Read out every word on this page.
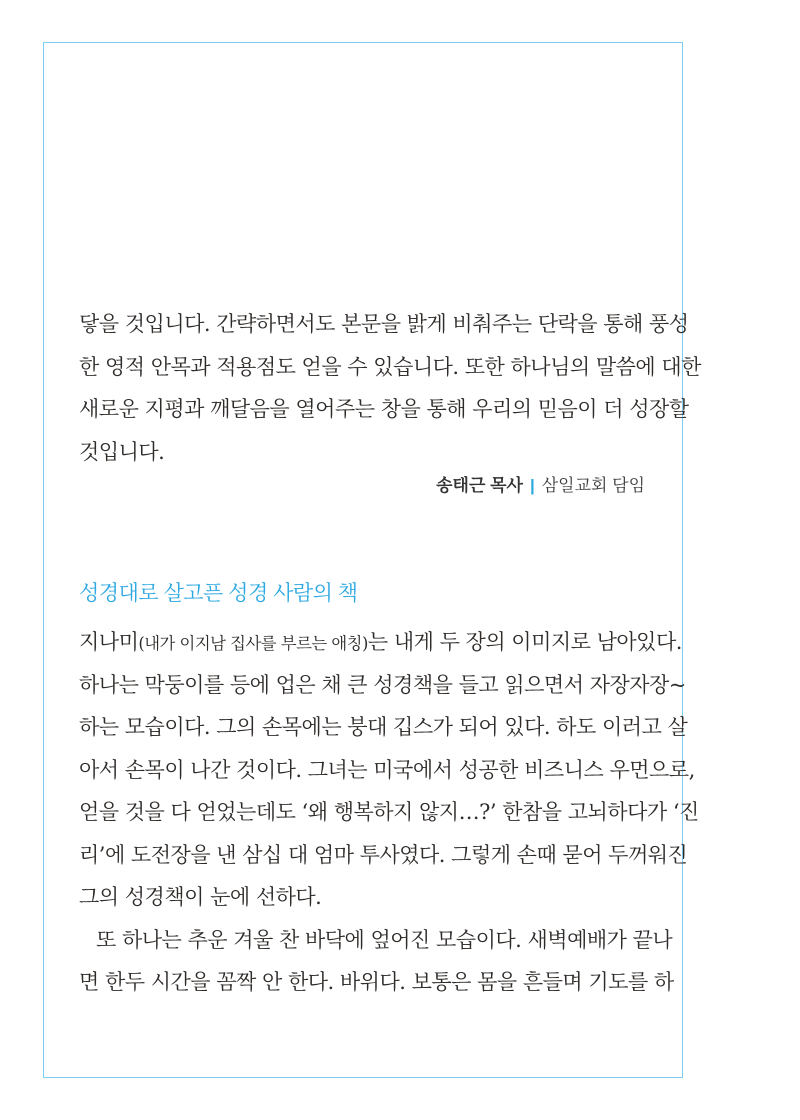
닿을 것입니다. 간략하면서도 본문을 밝게 비춰주는 단락을 통해 풍성
한 영적 안목과 적용점도 얻을 수 있습니다. 또한 하나님의 말씀에 대한
새로운 지평과 깨달음을 열어주는 창을 통해 우리의 믿음이 더 성장할
것입니다.
송태근 목사 | 삼일교회 담임
성경대로 살고픈 성경 사람의 책
지나미(내가 이지남 집사를 부르는 애칭)는 내게 두 장의 이미지로 남아있다.
하나는 막둥이를 등에 업은 채 큰 성경책을 들고 읽으면서 자장자장~
하는 모습이다. 그의 손목에는 붕대 깁스가 되어 있다. 하도 이러고 살
아서 손목이 나간 것이다. 그녀는 미국에서 성공한 비즈니스 우먼으로,
얻을 것을 다 얻었는데도 ‘왜 행복하지 않지…?’ 한참을 고뇌하다가 ‘진
리’에 도전장을 낸 삼십 대 엄마 투사였다. 그렇게 손때 묻어 두꺼워진
그의 성경책이 눈에 선하다.
또 하나는 추운 겨울 찬 바닥에 엎어진 모습이다. 새벽예배가 끝나
면 한두 시간을 꼼짝 안 한다. 바위다. 보통은 몸을 흔들며 기도를 하
